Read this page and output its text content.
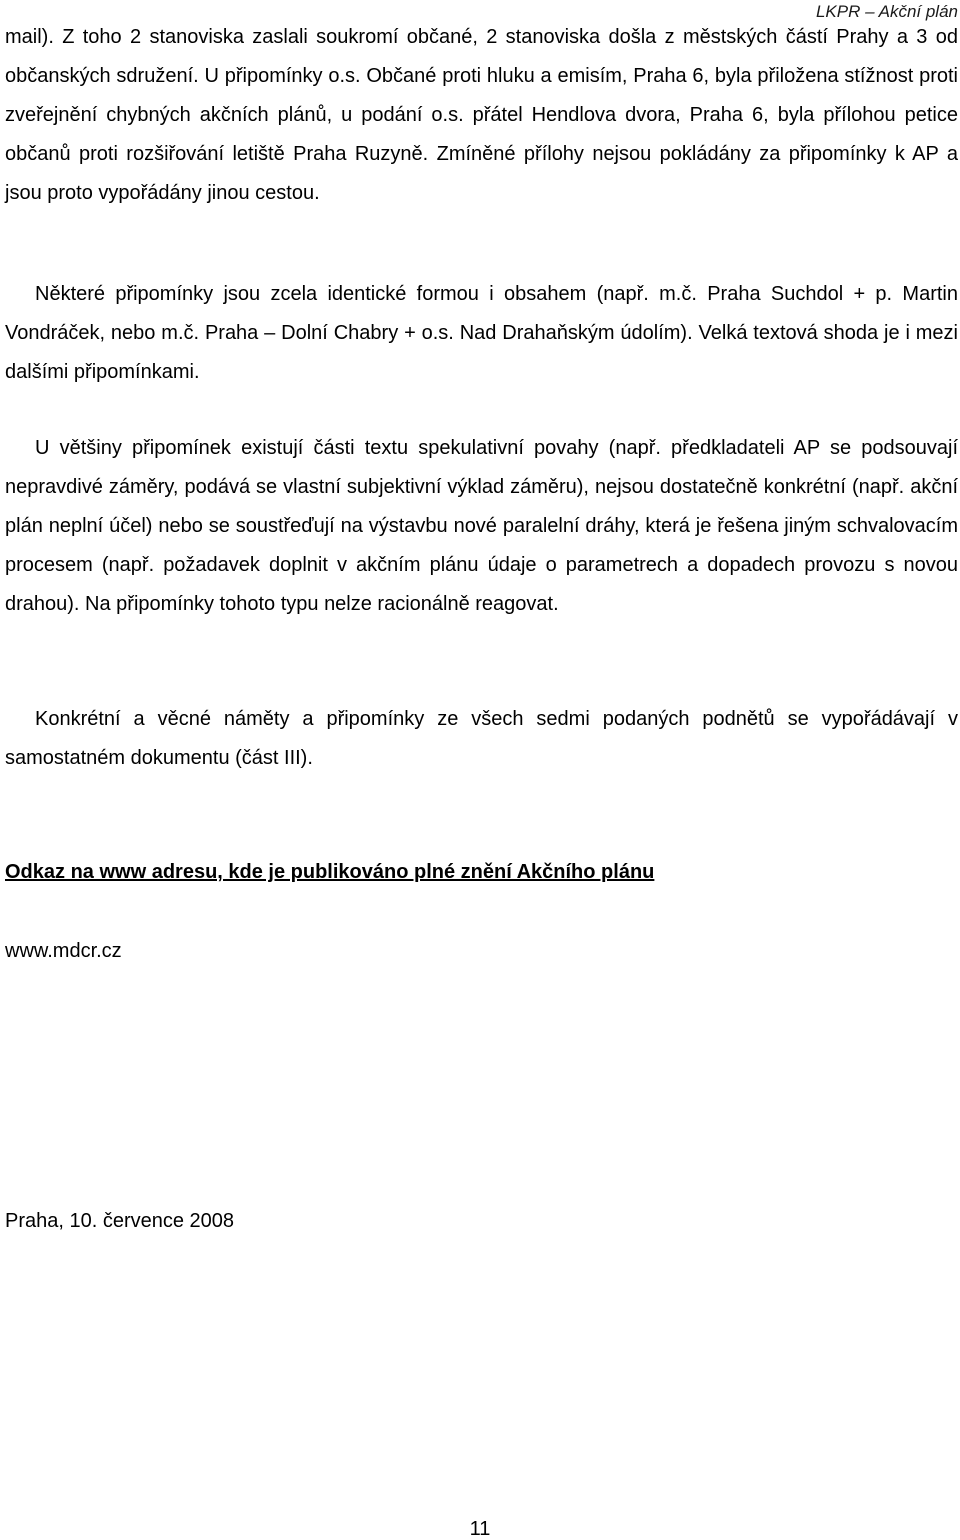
LKPR – Akční plán

mail). Z toho 2 stanoviska zaslali soukromí občané, 2 stanoviska došla z městských částí Prahy a 3 od občanských sdružení. U připomínky o.s. Občané proti hluku a emisím, Praha 6, byla přiložena stížnost proti zveřejnění chybných akčních plánů, u podání o.s. přátel Hendlova dvora, Praha 6, byla přílohou petice občanů proti rozšiřování letiště Praha Ruzyně. Zmíněné přílohy nejsou pokládány za připomínky k AP a jsou proto vypořádány jinou cestou.

Některé připomínky jsou zcela identické formou i obsahem (např. m.č. Praha Suchdol + p. Martin Vondráček, nebo m.č. Praha – Dolní Chabry + o.s. Nad Drahaňským údolím). Velká textová shoda je i mezi dalšími připomínkami.

U většiny připomínek existují části textu spekulativní povahy (např. předkladateli AP se podsouvají nepravdivé záměry, podává se vlastní subjektivní výklad záměru), nejsou dostatečně konkrétní (např. akční plán neplní účel) nebo se soustřeďují na výstavbu nové paralelní dráhy, která je řešena jiným schvalovacím procesem (např. požadavek doplnit v akčním plánu údaje o parametrech a dopadech provozu s novou drahou). Na připomínky tohoto typu nelze racionálně reagovat.

Konkrétní a věcné náměty a připomínky ze všech sedmi podaných podnětů se vypořádávají v samostatném dokumentu (část III).

Odkaz na www adresu, kde je publikováno plné znění Akčního plánu

www.mdcr.cz

Praha, 10. července 2008

11
